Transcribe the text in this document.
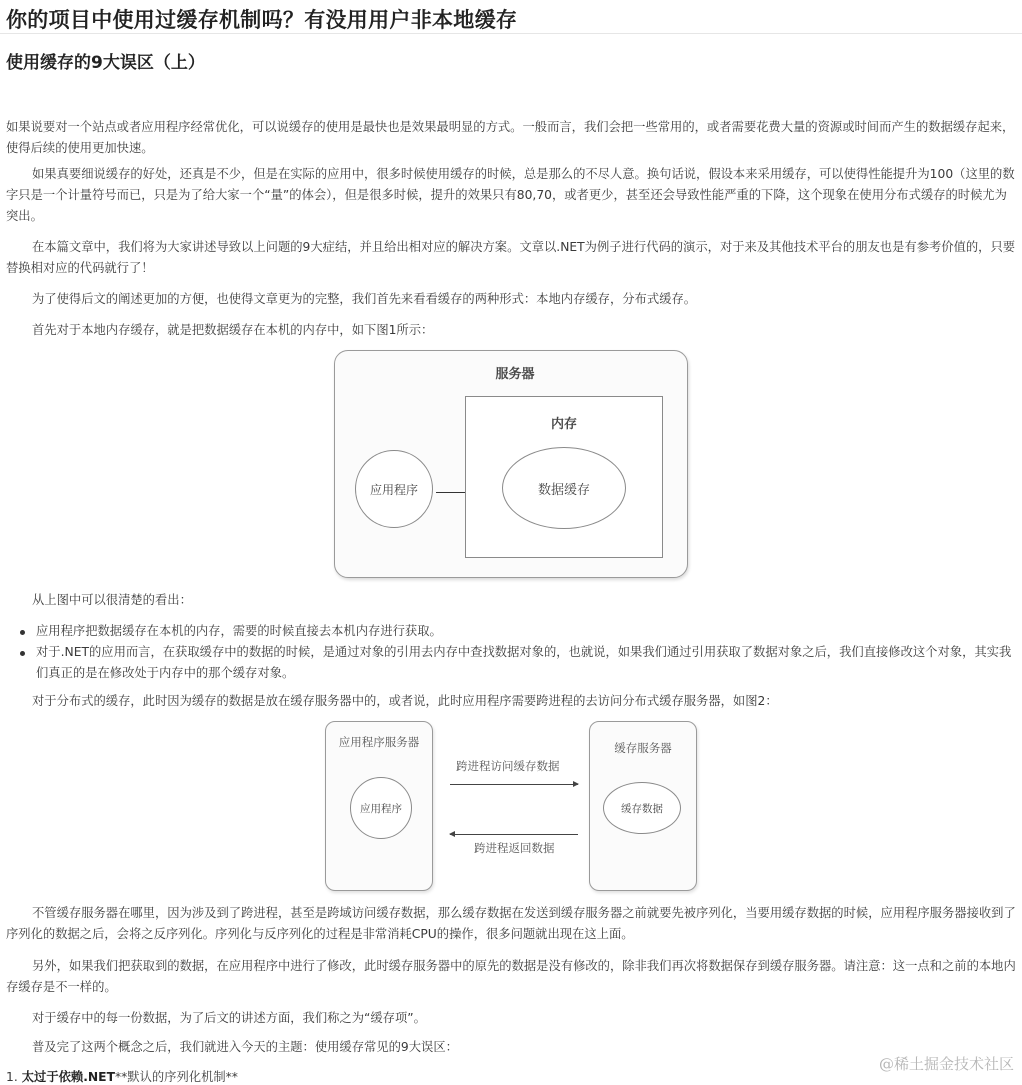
你的项目中使用过缓存机制吗？有没用用户非本地缓存
使用缓存的9大误区（上）

如果说要对一个站点或者应用程序经常优化，可以说缓存的使用是最快也是效果最明显的方式。一般而言，我们会把一些常用的，或者需要花费大量的资源或时间而产生的数据缓存起来，使得后续的使用更加快速。

如果真要细说缓存的好处，还真是不少，但是在实际的应用中，很多时候使用缓存的时候，总是那么的不尽人意。换句话说，假设本来采用缓存，可以使得性能提升为100（这里的数字只是一个计量符号而已，只是为了给大家一个“量”的体会），但是很多时候，提升的效果只有80,70，或者更少，甚至还会导致性能严重的下降，这个现象在使用分布式缓存的时候尤为突出。

在本篇文章中，我们将为大家讲述导致以上问题的9大症结，并且给出相对应的解决方案。文章以.NET为例子进行代码的演示，对于来及其他技术平台的朋友也是有参考价值的，只要替换相对应的代码就行了！

为了使得后文的阐述更加的方便，也使得文章更为的完整，我们首先来看看缓存的两种形式：本地内存缓存，分布式缓存。

首先对于本地内存缓存，就是把数据缓存在本机的内存中，如下图1所示：

服务器
应用程序
内存
数据缓存

从上图中可以很清楚的看出：

应用程序把数据缓存在本机的内存，需要的时候直接去本机内存进行获取。
对于.NET的应用而言，在获取缓存中的数据的时候，是通过对象的引用去内存中查找数据对象的，也就说，如果我们通过引用获取了数据对象之后，我们直接修改这个对象，其实我们真正的是在修改处于内存中的那个缓存对象。

对于分布式的缓存，此时因为缓存的数据是放在缓存服务器中的，或者说，此时应用程序需要跨进程的去访问分布式缓存服务器，如图2：

应用程序服务器
应用程序
跨进程访问缓存数据
跨进程返回数据
缓存服务器
缓存数据

不管缓存服务器在哪里，因为涉及到了跨进程，甚至是跨域访问缓存数据，那么缓存数据在发送到缓存服务器之前就要先被序列化，当要用缓存数据的时候，应用程序服务器接收到了序列化的数据之后，会将之反序列化。序列化与反序列化的过程是非常消耗CPU的操作，很多问题就出现在这上面。

另外，如果我们把获取到的数据，在应用程序中进行了修改，此时缓存服务器中的原先的数据是没有修改的，除非我们再次将数据保存到缓存服务器。请注意：这一点和之前的本地内存缓存是不一样的。

对于缓存中的每一份数据，为了后文的讲述方面，我们称之为“缓存项”。

普及完了这两个概念之后，我们就进入今天的主题：使用缓存常见的9大误区：

1. 太过于依赖.NET**默认的序列化机制**
@稀土掘金技术社区
